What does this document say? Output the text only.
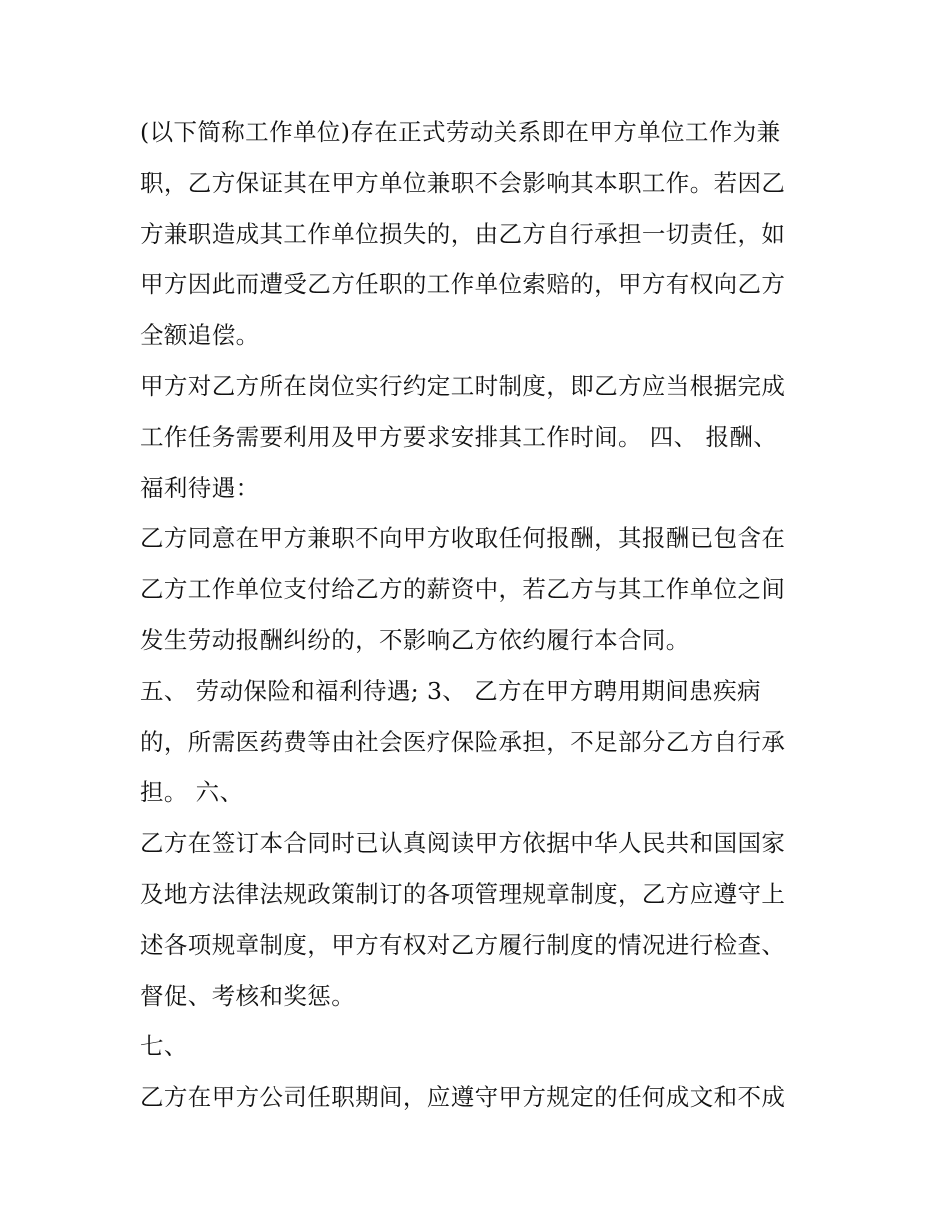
(以下简称工作单位)存在正式劳动关系即在甲方单位工作为兼
职，乙方保证其在甲方单位兼职不会影响其本职工作。若因乙
方兼职造成其工作单位损失的，由乙方自行承担一切责任，如
甲方因此而遭受乙方任职的工作单位索赔的，甲方有权向乙方
全额追偿。
甲方对乙方所在岗位实行约定工时制度，即乙方应当根据完成
工作任务需要利用及甲方要求安排其工作时间。 四、 报酬、
福利待遇：
乙方同意在甲方兼职不向甲方收取任何报酬，其报酬已包含在
乙方工作单位支付给乙方的薪资中，若乙方与其工作单位之间
发生劳动报酬纠纷的，不影响乙方依约履行本合同。
五、 劳动保险和福利待遇; 3、 乙方在甲方聘用期间患疾病
的，所需医药费等由社会医疗保险承担，不足部分乙方自行承
担。 六、
乙方在签订本合同时已认真阅读甲方依据中华人民共和国国家
及地方法律法规政策制订的各项管理规章制度，乙方应遵守上
述各项规章制度，甲方有权对乙方履行制度的情况进行检查、
督促、考核和奖惩。
七、
乙方在甲方公司任职期间，应遵守甲方规定的任何成文和不成
